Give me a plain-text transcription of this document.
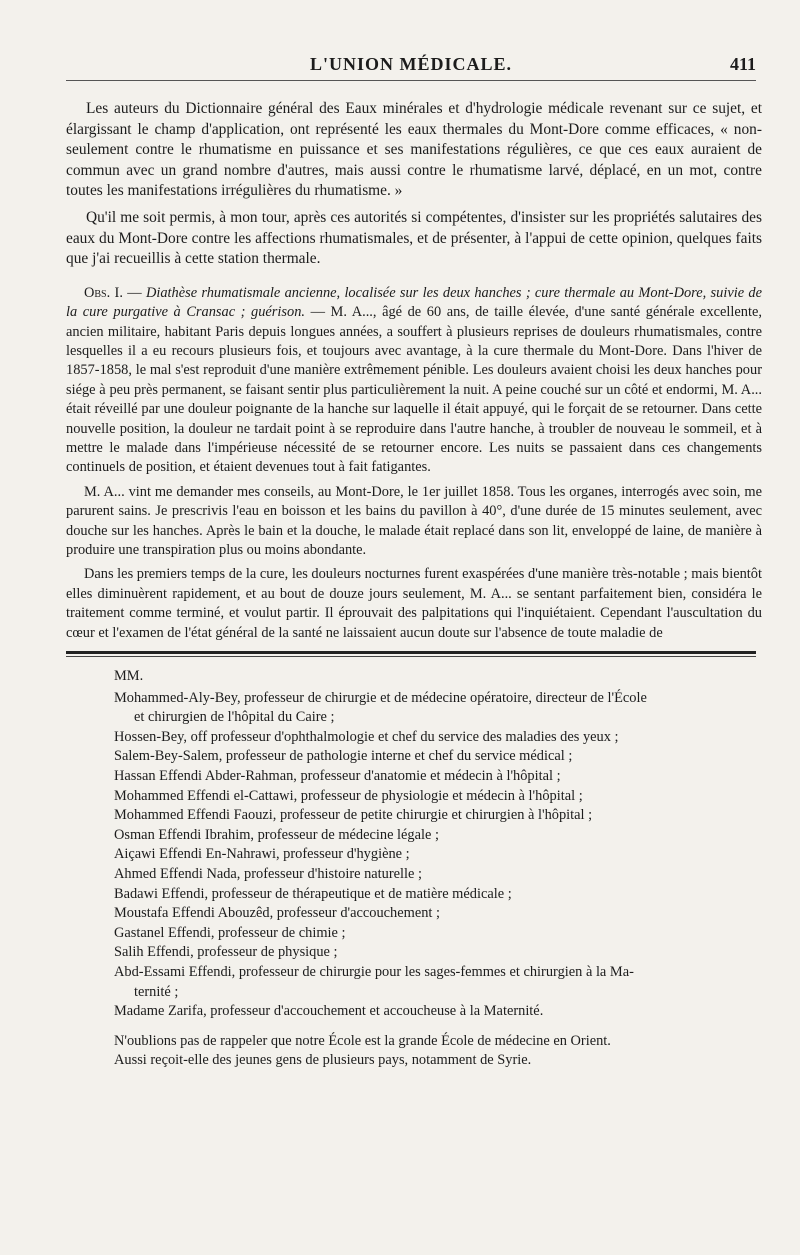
L'UNION MÉDICALE.	411

Les auteurs du Dictionnaire général des Eaux minérales et d'hydrologie médicale revenant sur ce sujet, et élargissant le champ d'application, ont représenté les eaux thermales du Mont-Dore comme efficaces, « non-seulement contre le rhumatisme en puissance et ses manifestations régulières, ce que ces eaux auraient de commun avec un grand nombre d'autres, mais aussi contre le rhumatisme larvé, déplacé, en un mot, contre toutes les manifestations irrégulières du rhumatisme. »

Qu'il me soit permis, à mon tour, après ces autorités si compétentes, d'insister sur les propriétés salutaires des eaux du Mont-Dore contre les affections rhumatismales, et de présenter, à l'appui de cette opinion, quelques faits que j'ai recueillis à cette station thermale.

Obs. I. — Diathèse rhumatismale ancienne, localisée sur les deux hanches ; cure thermale au Mont-Dore, suivie de la cure purgative à Cransac ; guérison. — M. A..., âgé de 60 ans, de taille élevée, d'une santé générale excellente, ancien militaire, habitant Paris depuis longues années, a souffert à plusieurs reprises de douleurs rhumatismales, contre lesquelles il a eu recours plusieurs fois, et toujours avec avantage, à la cure thermale du Mont-Dore. Dans l'hiver de 1857-1858, le mal s'est reproduit d'une manière extrêmement pénible. Les douleurs avaient choisi les deux hanches pour siége à peu près permanent, se faisant sentir plus particulièrement la nuit. A peine couché sur un côté et endormi, M. A... était réveillé par une douleur poignante de la hanche sur laquelle il était appuyé, qui le forçait de se retourner. Dans cette nouvelle position, la douleur ne tardait point à se reproduire dans l'autre hanche, à troubler de nouveau le sommeil, et à mettre le malade dans l'impérieuse nécessité de se retourner encore. Les nuits se passaient dans ces changements continuels de position, et étaient devenues tout à fait fatigantes.

M. A... vint me demander mes conseils, au Mont-Dore, le 1er juillet 1858. Tous les organes, interrogés avec soin, me parurent sains. Je prescrivis l'eau en boisson et les bains du pavillon à 40°, d'une durée de 15 minutes seulement, avec douche sur les hanches. Après le bain et la douche, le malade était replacé dans son lit, enveloppé de laine, de manière à produire une transpiration plus ou moins abondante.

Dans les premiers temps de la cure, les douleurs nocturnes furent exaspérées d'une manière très-notable ; mais bientôt elles diminuèrent rapidement, et au bout de douze jours seulement, M. A... se sentant parfaitement bien, considéra le traitement comme terminé, et voulut partir. Il éprouvait des palpitations qui l'inquiétaient. Cependant l'auscultation du cœur et l'examen de l'état général de la santé ne laissaient aucun doute sur l'absence de toute maladie de

MM.
Mohammed-Aly-Bey, professeur de chirurgie et de médecine opératoire, directeur de l'École
et chirurgien de l'hôpital du Caire ;
Hossen-Bey, off professeur d'ophthalmologie et chef du service des maladies des yeux ;
Salem-Bey-Salem, professeur de pathologie interne et chef du service médical ;
Hassan Effendi Abder-Rahman, professeur d'anatomie et médecin à l'hôpital ;
Mohammed Effendi el-Cattawi, professeur de physiologie et médecin à l'hôpital ;
Mohammed Effendi Faouzi, professeur de petite chirurgie et chirurgien à l'hôpital ;
Osman Effendi Ibrahim, professeur de médecine légale ;
Aiçawi Effendi En-Nahrawi, professeur d'hygiène ;
Ahmed Effendi Nada, professeur d'histoire naturelle ;
Badawi Effendi, professeur de thérapeutique et de matière médicale ;
Moustafa Effendi Abouzêd, professeur d'accouchement ;
Gastanel Effendi, professeur de chimie ;
Salih Effendi, professeur de physique ;
Abd-Essami Effendi, professeur de chirurgie pour les sages-femmes et chirurgien à la Ma-
ternité ;
Madame Zarifa, professeur d'accouchement et accoucheuse à la Maternité.
N'oublions pas de rappeler que notre École est la grande École de médecine en Orient.
Aussi reçoit-elle des jeunes gens de plusieurs pays, notamment de Syrie.
